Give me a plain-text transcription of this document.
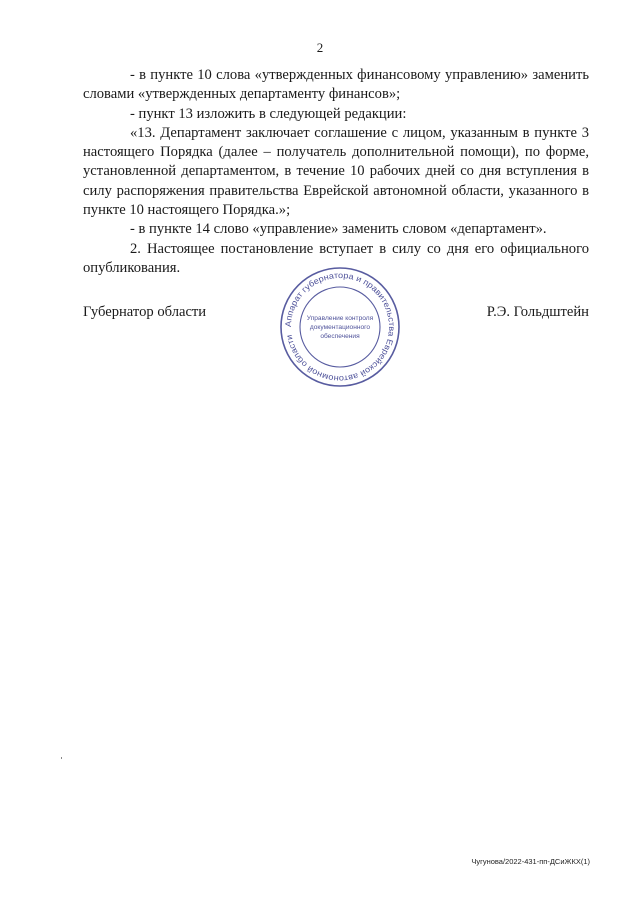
2

- в пункте 10 слова «утвержденных финансовому управлению» заменить словами «утвержденных департаменту финансов»;

- пункт 13 изложить в следующей редакции:

«13. Департамент заключает соглашение с лицом, указанным в пункте 3 настоящего Порядка (далее – получатель дополнительной помощи), по форме, установленной департаментом, в течение 10 рабочих дней со дня вступления в силу распоряжения правительства Еврейской автономной области, указанного в пункте 10 настоящего Порядка.»;

- в пункте 14 слово «управление» заменить словом «департамент».

2. Настоящее постановление вступает в силу со дня его официального опубликования.

Губернатор области	Р.Э. Гольдштейн
Аппарат губернатора и правительства Еврейской автономной области
Управление контроля
документационного
обеспечения
Чугунова/2022-431-пп-ДСиЖКХ(1)
